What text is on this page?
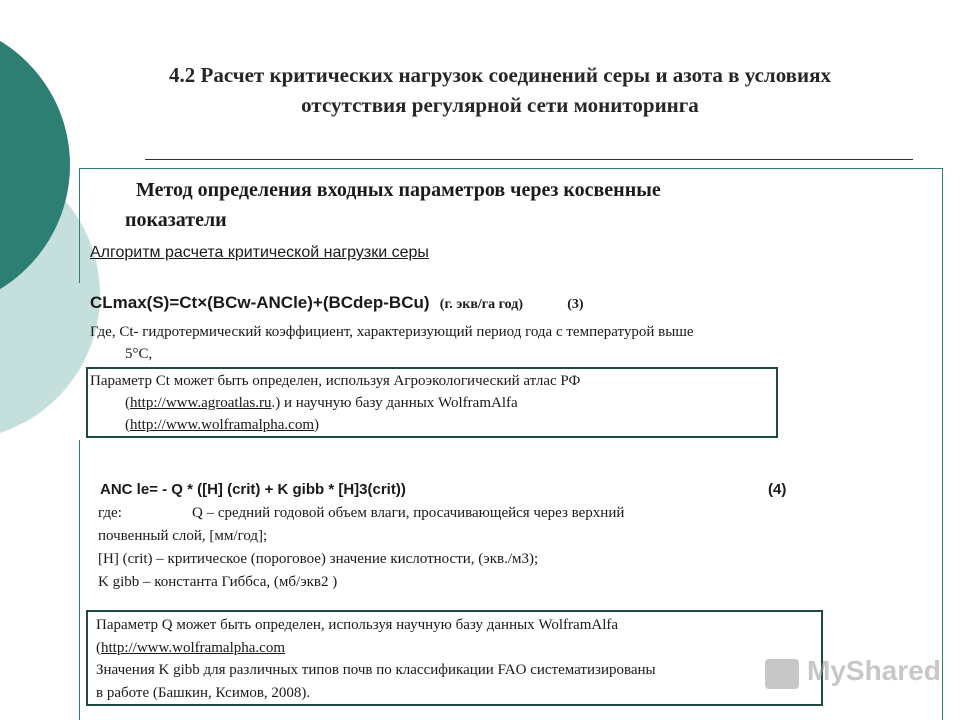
4.2 Расчет критических нагрузок соединений серы и азота в условиях
отсутствия регулярной сети мониторинга
Метод определения входных параметров через косвенные
показатели
Алгоритм расчета критической нагрузки серы
CLmax(S)=Ct×(BCw-ANCle)+(BCdep-BCu) (г. экв/га год)	(3)
Где, Ct- гидротермический коэффициент, характеризующий период года с температурой выше
5°C,
Параметр Ct может быть определен, используя Агроэкологический атлас РФ
(http://www.agroatlas.ru.) и научную базу данных WolframAlfa
(http://www.wolframalpha.com)
ANC le= - Q * ([H] (crit) + K gibb * [H]3(crit))	(4)
где:	Q – средний годовой объем влаги, просачивающейся через верхний
почвенный слой, [мм/год];
[H] (crit) – критическое (пороговое) значение кислотности, (экв./м3);
K gibb – константа Гиббса, (мб/экв2 )
Параметр Q может быть определен, используя научную базу данных WolframAlfa
(http://www.wolframalpha.com
Значения K gibb для различных типов почв по классификации FAO систематизированы
в работе (Башкин, Ксимов, 2008).
MyShared
